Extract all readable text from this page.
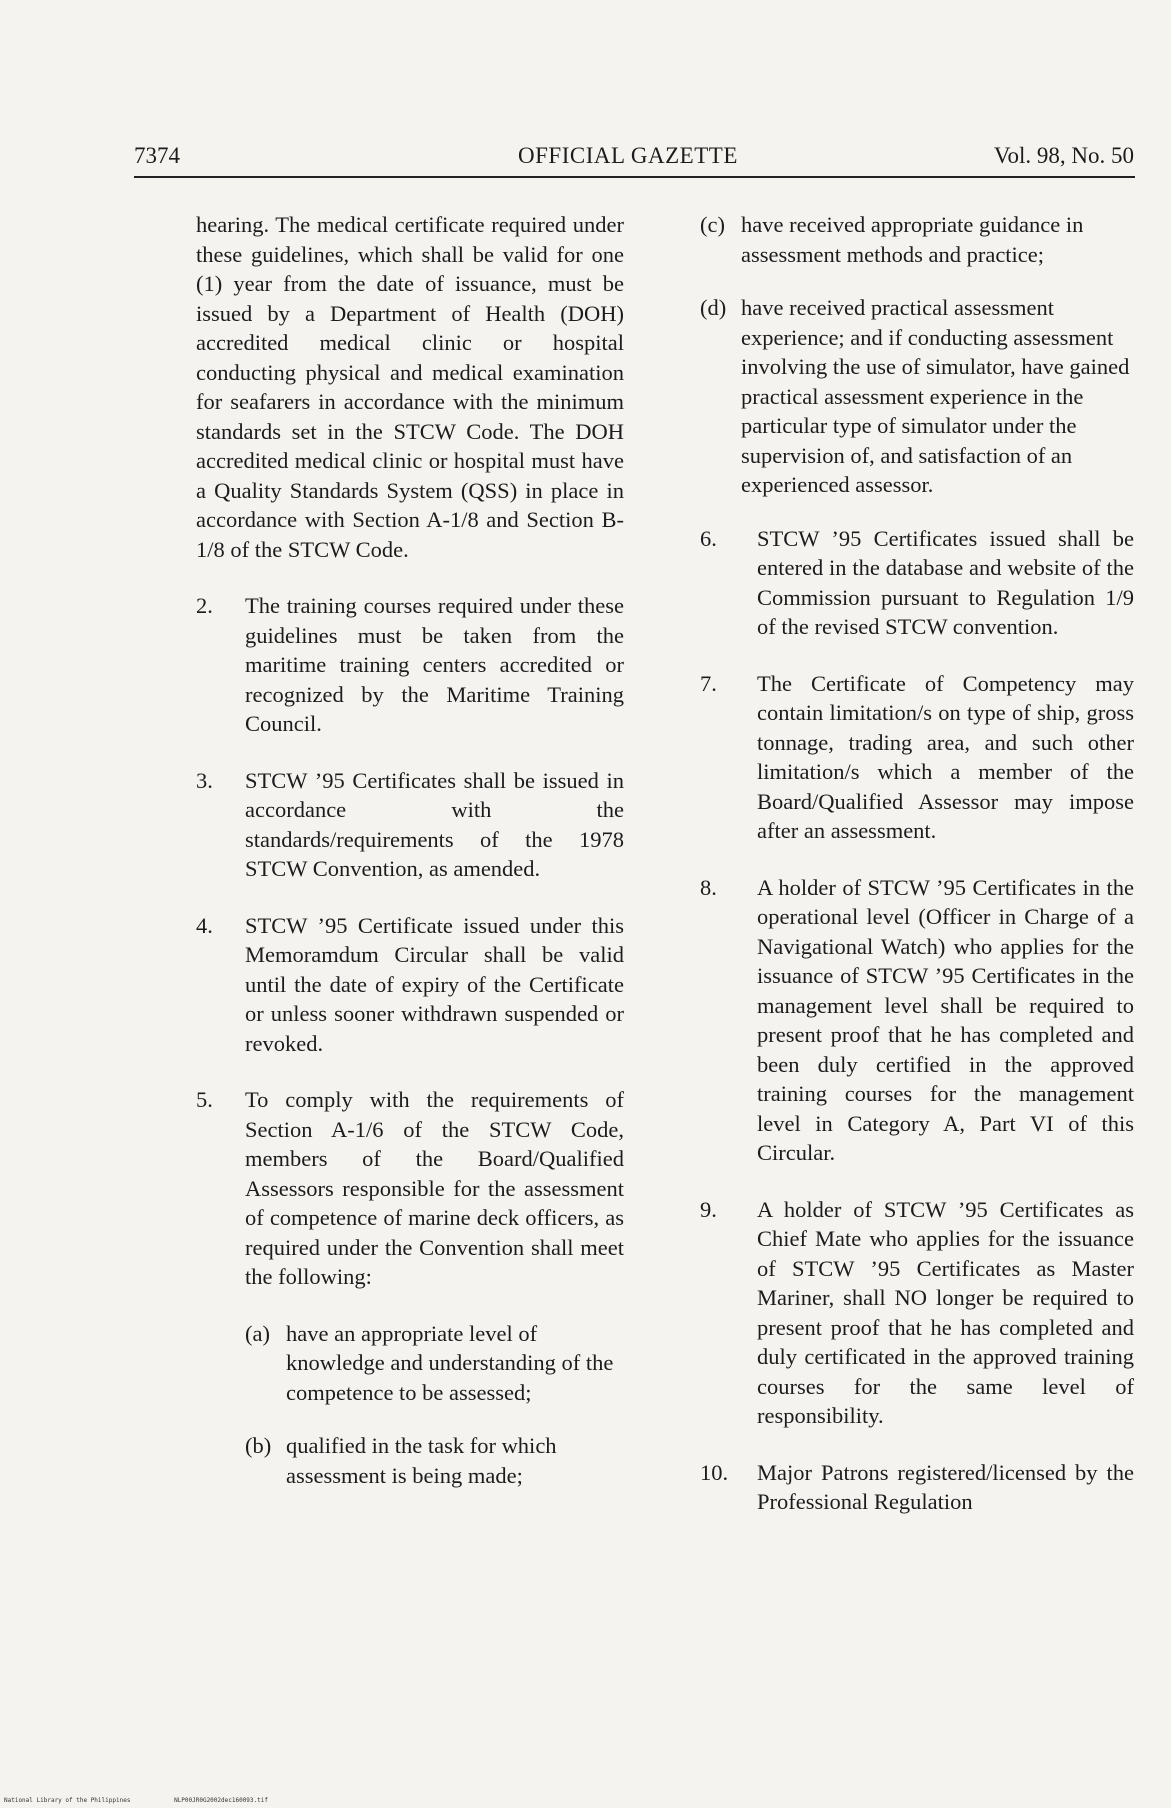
7374	OFFICIAL GAZETTE	Vol. 98, No. 50

hearing. The medical certificate required under these guidelines, which shall be valid for one (1) year from the date of issuance, must be issued by a Department of Health (DOH) accredited medical clinic or hospital conducting physical and medical examination for seafarers in accordance with the minimum standards set in the STCW Code. The DOH accredited medical clinic or hospital must have a Quality Standards System (QSS) in place in accordance with Section A-1/8 and Section B-1/8 of the STCW Code.

2.	The training courses required under these guidelines must be taken from the maritime training centers accredited or recognized by the Maritime Training Council.
3.	STCW ’95 Certificates shall be issued in accordance with the standards/requirements of the 1978 STCW Convention, as amended.
4.	STCW ’95 Certificate issued under this Memoramdum Circular shall be valid until the date of expiry of the Certificate or unless sooner withdrawn suspended or revoked.
5.	To comply with the requirements of Section A-1/6 of the STCW Code, members of the Board/Qualified Assessors responsible for the assessment of competence of marine deck officers, as required under the Convention shall meet the following:
(a) have an appropriate level of knowledge and understanding of the competence to be assessed;
(b) qualified in the task for which assessment is being made;
(c) have received appropriate guidance in assessment methods and practice;
(d) have received practical assessment experience; and if conducting assessment involving the use of simulator, have gained practical assessment experience in the particular type of simulator under the supervision of, and satisfaction of an experienced assessor.
6.	STCW ’95 Certificates issued shall be entered in the database and website of the Commission pursuant to Regulation 1/9 of the revised STCW convention.
7.	The Certificate of Competency may contain limitation/s on type of ship, gross tonnage, trading area, and such other limitation/s which a member of the Board/Qualified Assessor may impose after an assessment.
8.	A holder of STCW ’95 Certificates in the operational level (Officer in Charge of a Navigational Watch) who applies for the issuance of STCW ’95 Certificates in the management level shall be required to present proof that he has completed and been duly certified in the approved training courses for the management level in Category A, Part VI of this Circular.
9.	A holder of STCW ’95 Certificates as Chief Mate who applies for the issuance of STCW ’95 Certificates as Master Mariner, shall NO longer be required to present proof that he has completed and duly certificated in the approved training courses for the same level of responsibility.
10.	Major Patrons registered/licensed by the Professional Regulation
National Library of the Philippines	NLP00JR0G2002dec160093.tif
